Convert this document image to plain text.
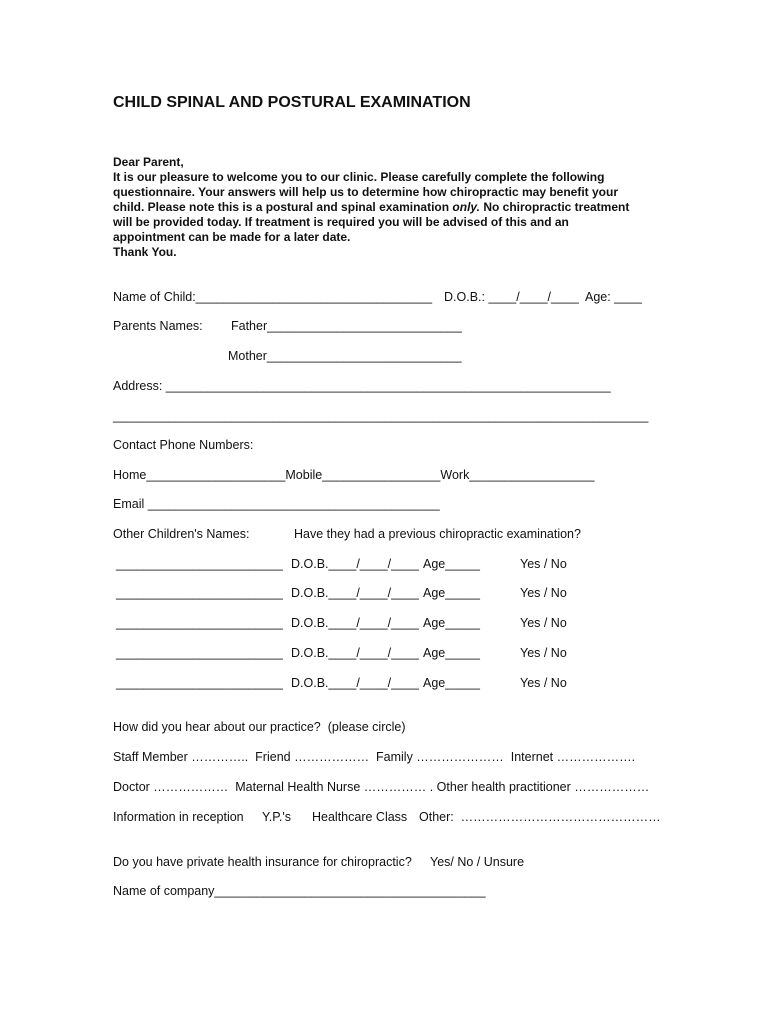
CHILD SPINAL AND POSTURAL EXAMINATION
Dear Parent,
It is our pleasure to welcome you to our clinic. Please carefully complete the following
questionnaire. Your answers will help us to determine how chiropractic may benefit your
child. Please note this is a postural and spinal examination only. No chiropractic treatment
will be provided today. If treatment is required you will be advised of this and an
appointment can be made for a later date.
Thank You.
Name of Child:__________________________________ D.O.B.: ____/____/____ Age: ____
Parents Names: Father____________________________
Mother____________________________
Address: ________________________________________________________________
_____________________________________________________________________________
Contact Phone Numbers:
Home____________________Mobile_________________Work__________________
Email __________________________________________
Other Children's Names:	Have they had a previous chiropractic examination?
________________________ D.O.B.____/____/____ Age_____	Yes / No
________________________ D.O.B.____/____/____ Age_____	Yes / No
________________________ D.O.B.____/____/____ Age_____	Yes / No
________________________ D.O.B.____/____/____ Age_____	Yes / No
________________________ D.O.B.____/____/____ Age_____	Yes / No
How did you hear about our practice?  (please circle)
Staff Member …………..  Friend ………………  Family …………………  Internet ……………….
Doctor ………………  Maternal Health Nurse …………… . Other health practitioner ………………
Information in reception Y.P.'s Healthcare Class Other:  …………………………………………
Do you have private health insurance for chiropractic? Yes/ No / Unsure
Name of company_______________________________________
